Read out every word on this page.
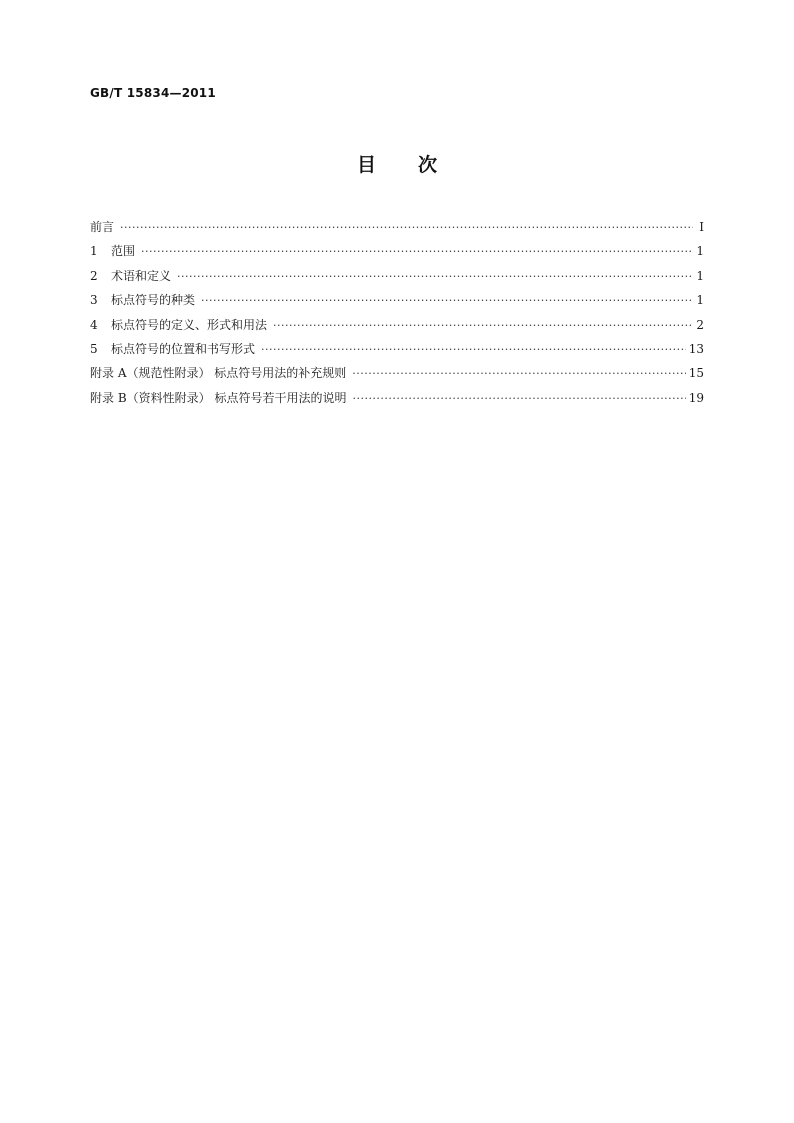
GB/T 15834—2011
目 次
前言 ·····	Ⅰ
1	范围 ·····	1
2	术语和定义 ·····	1
3	标点符号的种类 ·····	1
4	标点符号的定义、形式和用法 ·····	2
5	标点符号的位置和书写形式 ·····	13
附录 A（规范性附录） 标点符号用法的补充规则 ·····	15
附录 B（资料性附录） 标点符号若干用法的说明 ·····	19
